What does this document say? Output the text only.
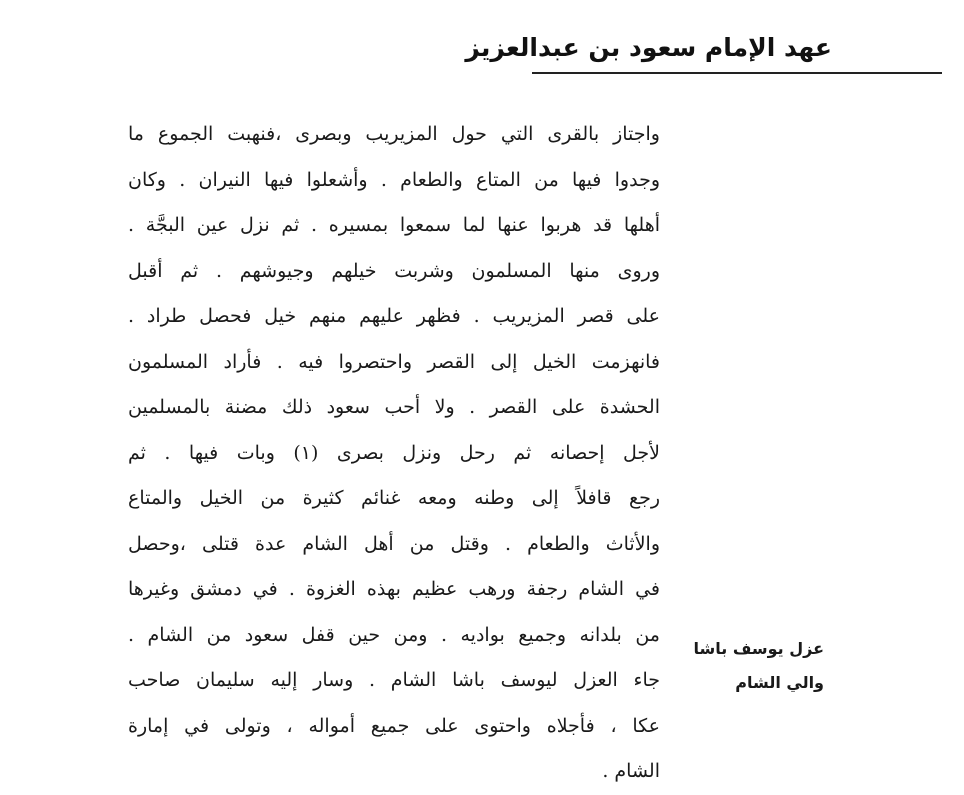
عهد الإمام سعود بن عبدالعزيز
واجتاز بالقرى التي حول المزيريب وبصرى ،فنهبت الجموع ما
وجدوا فيها من المتاع والطعام . وأشعلوا فيها النيران . وكان
أهلها قد هربوا عنها لما سمعوا بمسيره . ثم نزل عين البجَّة .
وروى منها المسلمون وشربت خيلهم وجيوشهم . ثم أقبل
على قصر المزيريب . فظهر عليهم منهم خيل فحصل طراد .
فانهزمت الخيل إلى القصر واحتصروا فيه . فأراد المسلمون
الحشدة على القصر . ولا أحب سعود ذلك مضنة بالمسلمين
لأجل إحصانه ثم رحل ونزل بصرى (١) وبات فيها . ثم
رجع قافلاً إلى وطنه ومعه غنائم كثيرة من الخيل والمتاع
والأثاث والطعام . وقتل من أهل الشام عدة قتلى ،وحصل
في الشام رجفة ورهب عظيم بهذه الغزوة . في دمشق وغيرها
من بلدانه وجميع بواديه . ومن حين قفل سعود من الشام .
جاء العزل ليوسف باشا الشام . وسار إليه سليمان صاحب
عكا ، فأجلاه واحتوى على جميع أمواله ، وتولى في إمارة
الشام .
عزل يوسف باشا
والي الشام
